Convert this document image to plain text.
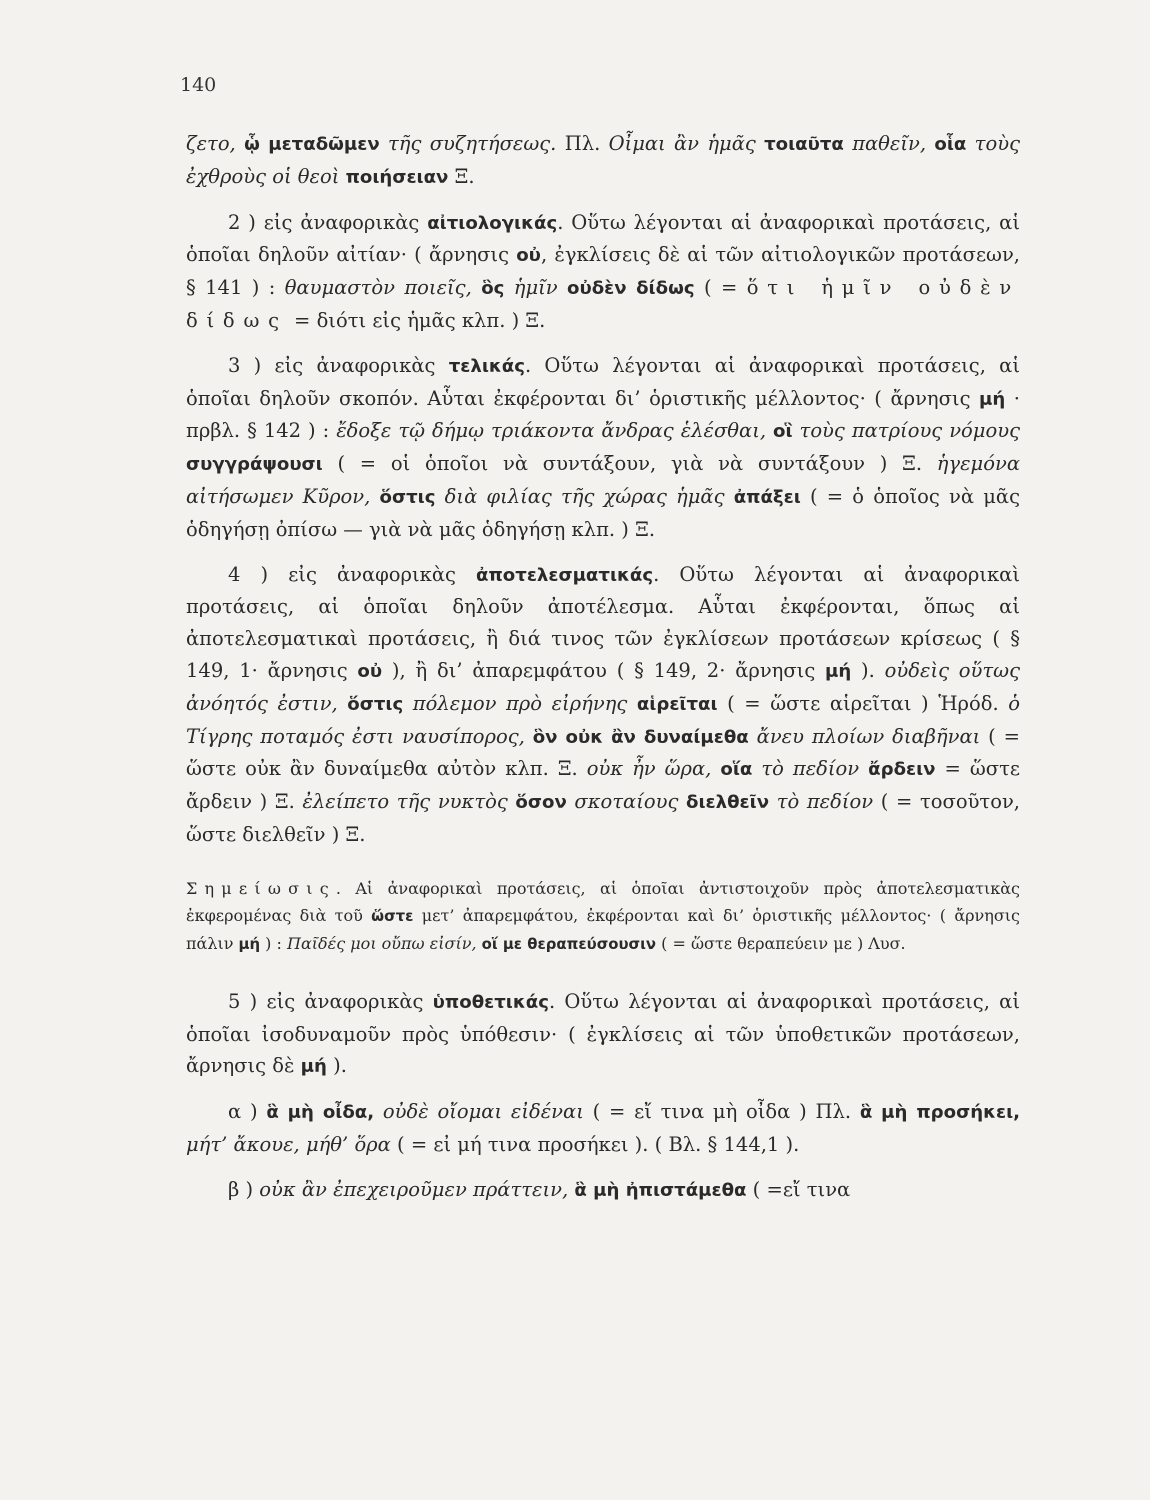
140

ζετο, ᾧ μεταδῶμεν τῆς συζητήσεως. Πλ. Οἶμαι ἂν ἡμᾶς τοιαῦτα παθεῖν, οἷα τοὺς ἐχθροὺς οἱ θεοὶ ποιήσειαν Ξ.

2 ) εἰς ἀναφορικὰς αἰτιολογικάς. Οὕτω λέγονται αἱ ἀναφορικαὶ προτάσεις, αἱ ὁποῖαι δηλοῦν αἰτίαν· ( ἄρνησις οὐ, ἐγκλίσεις δὲ αἱ τῶν αἰτιολογικῶν προτάσεων, § 141 ) : θαυμαστὸν ποιεῖς, ὃς ἡμῖν οὐδὲν δίδως ( = ὅτι ἡμῖν οὐδὲν δίδως = διότι εἰς ἡμᾶς κλπ. ) Ξ.

3 ) εἰς ἀναφορικὰς τελικάς. Οὕτω λέγονται αἱ ἀναφορικαὶ προτάσεις, αἱ ὁποῖαι δηλοῦν σκοπόν. Αὗται ἐκφέρονται δι’ ὁριστικῆς μέλλοντος· ( ἄρνησις μή · πρβλ. § 142 ) : ἔδοξε τῷ δήμῳ τριάκοντα ἄνδρας ἑλέσθαι, οἳ τοὺς πατρίους νόμους συγγράψουσι ( = οἱ ὁποῖοι νὰ συντάξουν, γιὰ νὰ συντάξουν ) Ξ. ἡγεμόνα αἰτήσωμεν Κῦρον, ὅστις διὰ φιλίας τῆς χώρας ἡμᾶς ἀπάξει ( = ὁ ὁποῖος νὰ μᾶς ὁδηγήσῃ ὀπίσω — γιὰ νὰ μᾶς ὁδηγήσῃ κλπ. ) Ξ.

4 ) εἰς ἀναφορικὰς ἀποτελεσματικάς. Οὕτω λέγονται αἱ ἀναφορικαὶ προτάσεις, αἱ ὁποῖαι δηλοῦν ἀποτέλεσμα. Αὗται ἐκφέρονται, ὅπως αἱ ἀποτελεσματικαὶ προτάσεις, ἢ διά τινος τῶν ἐγκλίσεων προτάσεων κρίσεως ( § 149, 1· ἄρνησις οὐ ), ἢ δι’ ἀπαρεμφάτου ( § 149, 2· ἄρνησις μή ). οὐδεὶς οὕτως ἀνόητός ἐστιν, ὅστις πόλεμον πρὸ εἰρήνης αἱρεῖται ( = ὥστε αἱρεῖται ) Ἡρόδ. ὁ Τίγρης ποταμός ἐστι ναυσίπορος, ὃν οὐκ ἂν δυναίμεθα ἄνευ πλοίων διαβῆναι ( = ὥστε οὐκ ἂν δυναίμεθα αὐτὸν κλπ. Ξ. οὐκ ἦν ὥρα, οἵα τὸ πεδίον ἄρδειν = ὥστε ἄρδειν ) Ξ. ἐλείπετο τῆς νυκτὸς ὅσον σκοταίους διελθεῖν τὸ πεδίον ( = τοσοῦτον, ὥστε διελθεῖν ) Ξ.

Σημείωσις. Αἱ ἀναφορικαὶ προτάσεις, αἱ ὁποῖαι ἀντιστοιχοῦν πρὸς ἀποτελεσματικὰς ἐκφερομένας διὰ τοῦ ὥστε μετ’ ἀπαρεμφάτου, ἐκφέρονται καὶ δι’ ὁριστικῆς μέλλοντος· ( ἄρνησις πάλιν μή ) : Παῖδές μοι οὔπω εἰσίν, οἵ με θεραπεύσουσιν ( = ὥστε θεραπεύειν με ) Λυσ.

5 ) εἰς ἀναφορικὰς ὑποθετικάς. Οὕτω λέγονται αἱ ἀναφορικαὶ προτάσεις, αἱ ὁποῖαι ἰσοδυναμοῦν πρὸς ὑπόθεσιν· ( ἐγκλίσεις αἱ τῶν ὑποθετικῶν προτάσεων, ἄρνησις δὲ μή ).

α ) ἃ μὴ οἶδα, οὐδὲ οἴομαι εἰδέναι ( = εἴ τινα μὴ οἶδα ) Πλ. ἃ μὴ προσήκει, μήτ’ ἄκουε, μήθ’ ὅρα ( = εἰ μή τινα προσήκει ). ( Βλ. § 144,1 ).

β ) οὐκ ἂν ἐπεχειροῦμεν πράττειν, ἃ μὴ ἠπιστάμεθα ( =εἴ τινα
